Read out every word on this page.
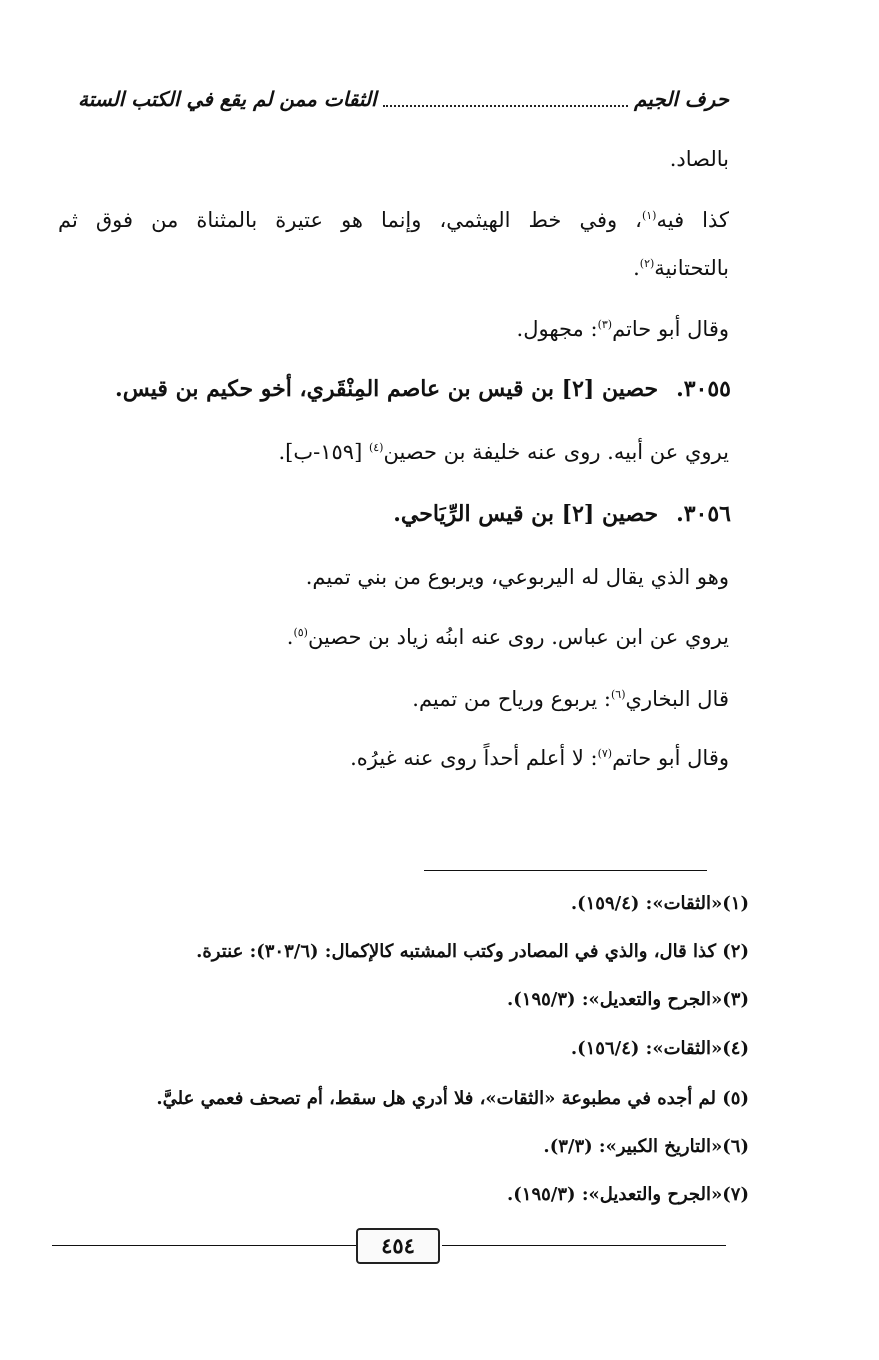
حرف الجيم
الثقات ممن لم يقع في الكتب الستة
بالصاد.
كذا فيه$^{(١)}$، وفي خط الهيثمي، وإنما هو عتيرة بالمثناة من فوق ثم
بالتحتانية$^{(٢)}$.
وقال أبو حاتم$^{(٣)}$: مجهول.
٣٠٥٥.حصين [٢] بن قيس بن عاصم المِنْقَري، أخو حكيم بن قيس.
يروي عن أبيه. روى عنه خليفة بن حصين$^{(٤)}$ [١٥٩-ب].
٣٠٥٦.حصين [٢] بن قيس الرِّيَاحي.
وهو الذي يقال له اليربوعي، ويربوع من بني تميم.
يروي عن ابن عباس. روى عنه ابنُه زياد بن حصين$^{(٥)}$.
قال البخاري$^{(٦)}$: يربوع ورياح من تميم.
وقال أبو حاتم$^{(٧)}$: لا أعلم أحداً روى عنه غيرُه.
(١)«الثقات»: (١٥٩/٤).
(٢) كذا قال، والذي في المصادر وكتب المشتبه كالإكمال: (٣٠٣/٦): عنترة.
(٣)«الجرح والتعديل»: (١٩٥/٣).
(٤)«الثقات»: (١٥٦/٤).
(٥) لم أجده في مطبوعة «الثقات»، فلا أدري هل سقط، أم تصحف فعمي عليَّ.
(٦)«التاريخ الكبير»: (٣/٣).
(٧)«الجرح والتعديل»: (١٩٥/٣).
٤٥٤
